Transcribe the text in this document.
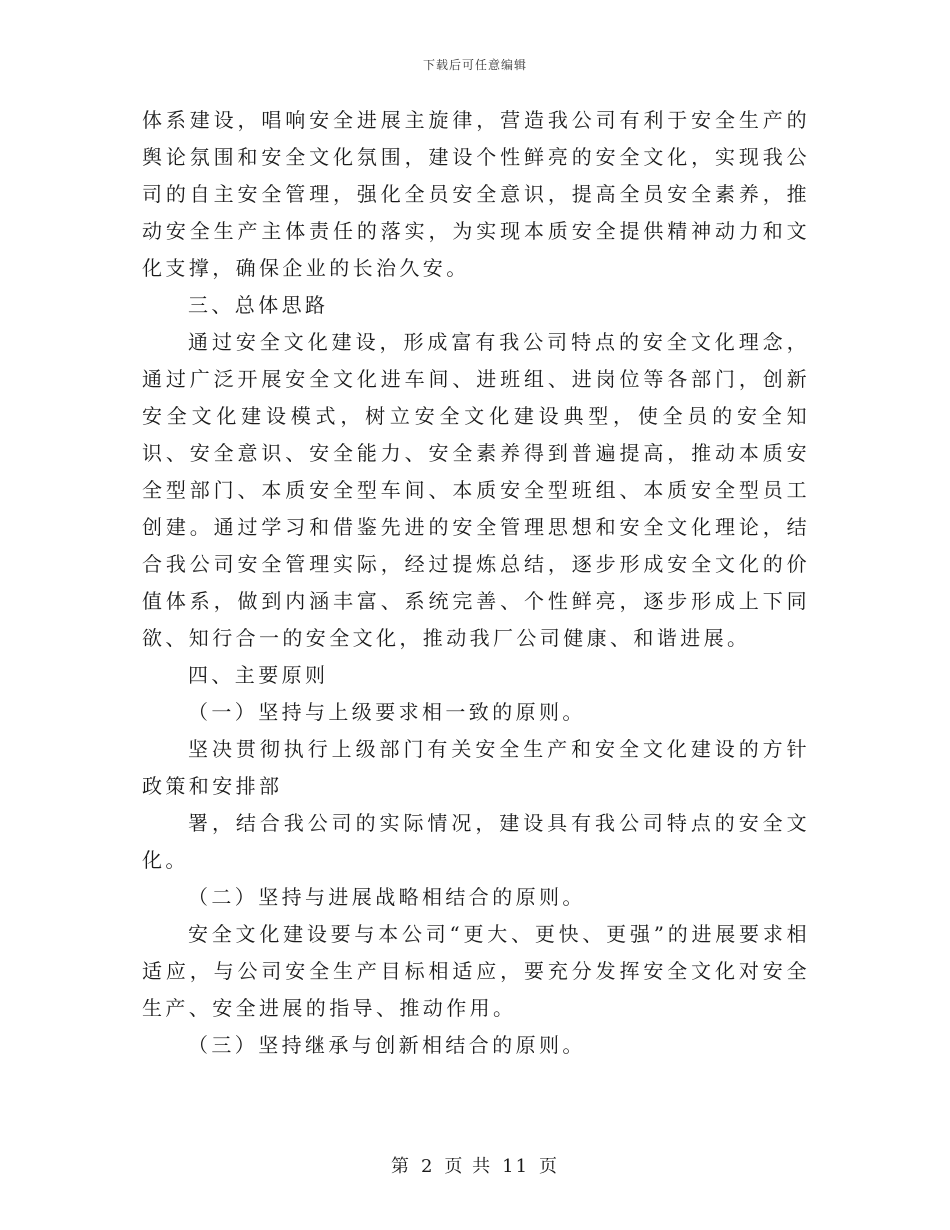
下载后可任意编辑

体系建设，唱响安全进展主旋律，营造我公司有利于安全生产的舆论氛围和安全文化氛围，建设个性鲜亮的安全文化，实现我公司的自主安全管理，强化全员安全意识，提高全员安全素养，推动安全生产主体责任的落实，为实现本质安全提供精神动力和文化支撑，确保企业的长治久安。

三、总体思路

通过安全文化建设，形成富有我公司特点的安全文化理念，通过广泛开展安全文化进车间、进班组、进岗位等各部门，创新安全文化建设模式，树立安全文化建设典型，使全员的安全知识、安全意识、安全能力、安全素养得到普遍提高，推动本质安全型部门、本质安全型车间、本质安全型班组、本质安全型员工创建。通过学习和借鉴先进的安全管理思想和安全文化理论，结合我公司安全管理实际，经过提炼总结，逐步形成安全文化的价值体系，做到内涵丰富、系统完善、个性鲜亮，逐步形成上下同欲、知行合一的安全文化，推动我厂公司健康、和谐进展。

四、主要原则

（一）坚持与上级要求相一致的原则。

坚决贯彻执行上级部门有关安全生产和安全文化建设的方针政策和安排部

署，结合我公司的实际情况，建设具有我公司特点的安全文化。

（二）坚持与进展战略相结合的原则。

安全文化建设要与本公司“更大、更快、更强”的进展要求相适应，与公司安全生产目标相适应，要充分发挥安全文化对安全生产、安全进展的指导、推动作用。

（三）坚持继承与创新相结合的原则。

第 2 页 共 11 页
